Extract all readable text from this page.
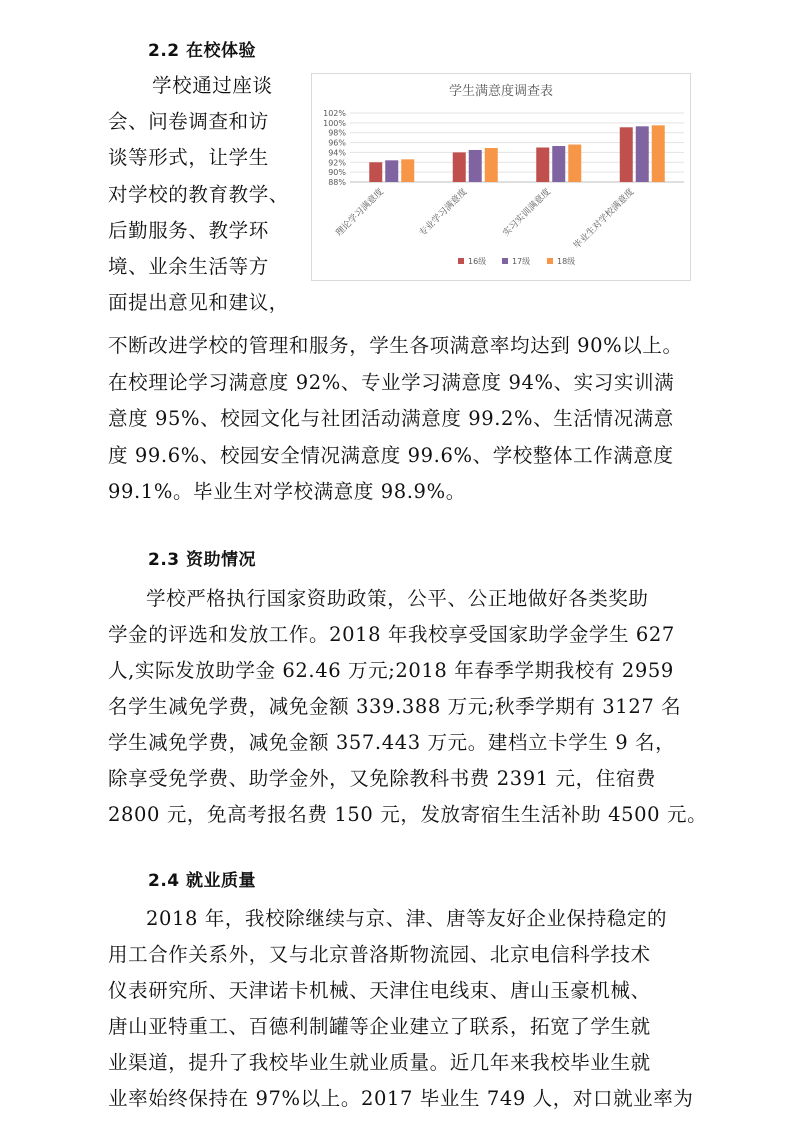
2.2 在校体验
学校通过座谈
会、问卷调查和访
谈等形式，让学生
对学校的教育教学、
后勤服务、教学环
境、业余生活等方
面提出意见和建议，
学生满意度调查表
102%
100%
98%
96%
94%
92%
90%
88%
理论学习满意度	专业学习满意度	实习实训满意度 毕业生对学校满意度
16级	17级	18级
不断改进学校的管理和服务，学生各项满意率均达到 90%以上。
在校理论学习满意度 92%、专业学习满意度 94%、实习实训满
意度 95%、校园文化与社团活动满意度 99.2%、生活情况满意
度 99.6%、校园安全情况满意度 99.6%、学校整体工作满意度
99.1%。毕业生对学校满意度 98.9%。
2.3 资助情况
学校严格执行国家资助政策，公平、公正地做好各类奖助
学金的评选和发放工作。2018 年我校享受国家助学金学生 627
人,实际发放助学金 62.46 万元;2018 年春季学期我校有 2959
名学生减免学费，减免金额 339.388 万元;秋季学期有 3127 名
学生减免学费，减免金额 357.443 万元。建档立卡学生 9 名，
除享受免学费、助学金外，又免除教科书费 2391 元，住宿费
2800 元，免高考报名费 150 元，发放寄宿生生活补助 4500 元。
2.4 就业质量
2018 年，我校除继续与京、津、唐等友好企业保持稳定的
用工合作关系外，又与北京普洛斯物流园、北京电信科学技术
仪表研究所、天津诺卡机械、天津住电线束、唐山玉豪机械、
唐山亚特重工、百德利制罐等企业建立了联系，拓宽了学生就
业渠道，提升了我校毕业生就业质量。近几年来我校毕业生就
业率始终保持在 97%以上。2017 毕业生 749 人，对口就业率为
